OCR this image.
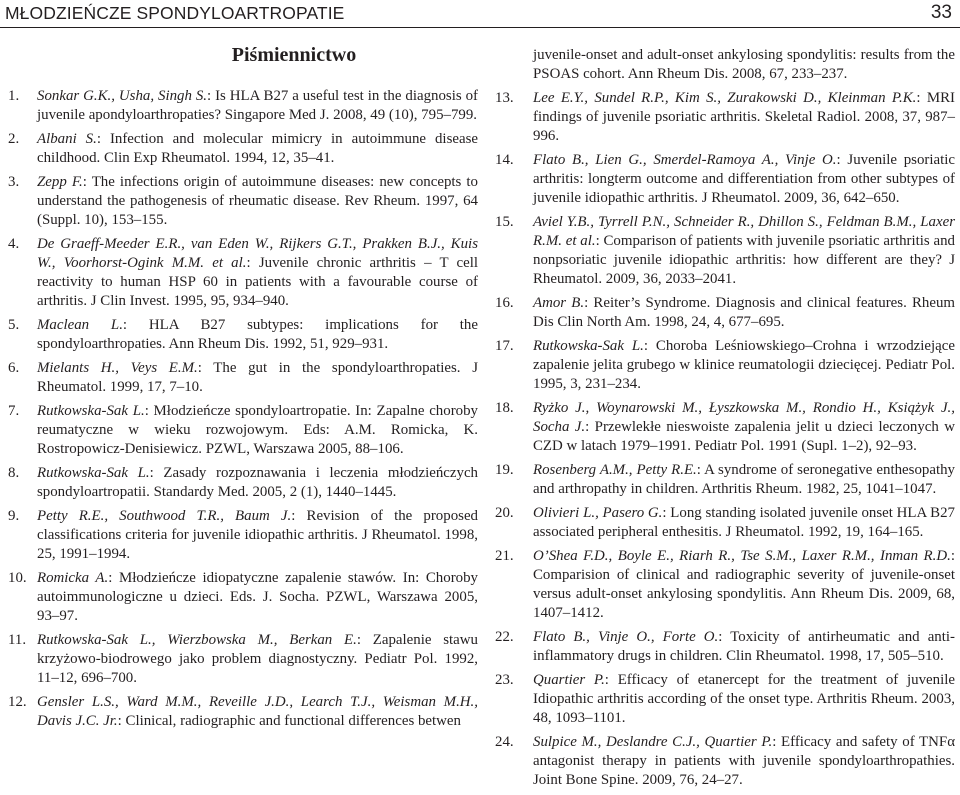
MŁODZIEŃCZE SPONDYLOARTROPATIE	33
Piśmiennictwo
1. Sonkar G.K., Usha, Singh S.: Is HLA B27 a useful test in the diagnosis of juvenile apondyloarthropaties? Singapore Med J. 2008, 49 (10), 795–799.
2. Albani S.: Infection and molecular mimicry in autoimmune disease childhood. Clin Exp Rheumatol. 1994, 12, 35–41.
3. Zepp F.: The infections origin of autoimmune diseases: new concepts to understand the pathogenesis of rheumatic disease. Rev Rheum. 1997, 64 (Suppl. 10), 153–155.
4. De Graeff-Meeder E.R., van Eden W., Rijkers G.T., Prakken B.J., Kuis W., Voorhorst-Ogink M.M. et al.: Juvenile chronic arthritis – T cell reactivity to human HSP 60 in patients with a favourable course of arthritis. J Clin Invest. 1995, 95, 934–940.
5. Maclean L.: HLA B27 subtypes: implications for the spondyloarthropaties. Ann Rheum Dis. 1992, 51, 929–931.
6. Mielants H., Veys E.M.: The gut in the spondyloarthropaties. J Rheumatol. 1999, 17, 7–10.
7. Rutkowska-Sak L.: Młodzieńcze spondyloartropatie. In: Zapalne choroby reumatyczne w wieku rozwojowym. Eds: A.M. Romicka, K. Rostropowicz-Denisiewicz. PZWL, Warszawa 2005, 88–106.
8. Rutkowska-Sak L.: Zasady rozpoznawania i leczenia młodzieńczych spondyloartropatii. Standardy Med. 2005, 2 (1), 1440–1445.
9. Petty R.E., Southwood T.R., Baum J.: Revision of the proposed classifications criteria for juvenile idiopathic arthritis. J Rheumatol. 1998, 25, 1991–1994.
10. Romicka A.: Młodzieńcze idiopatyczne zapalenie stawów. In: Choroby autoimmunologiczne u dzieci. Eds. J. Socha. PZWL, Warszawa 2005, 93–97.
11. Rutkowska-Sak L., Wierzbowska M., Berkan E.: Zapalenie stawu krzyżowo-biodrowego jako problem diagnostyczny. Pediatr Pol. 1992, 11–12, 696–700.
12. Gensler L.S., Ward M.M., Reveille J.D., Learch T.J., Weisman M.H., Davis J.C. Jr.: Clinical, radiographic and functional differences betwen
juvenile-onset and adult-onset ankylosing spondylitis: results from the PSOAS cohort. Ann Rheum Dis. 2008, 67, 233–237.
13. Lee E.Y., Sundel R.P., Kim S., Zurakowski D., Kleinman P.K.: MRI findings of juvenile psoriatic arthritis. Skeletal Radiol. 2008, 37, 987–996.
14. Flato B., Lien G., Smerdel-Ramoya A., Vinje O.: Juvenile psoriatic arthritis: longterm outcome and differentiation from other subtypes of juvenile idiopathic arthritis. J Rheumatol. 2009, 36, 642–650.
15. Aviel Y.B., Tyrrell P.N., Schneider R., Dhillon S., Feldman B.M., Laxer R.M. et al.: Comparison of patients with juvenile psoriatic arthritis and nonpsoriatic juvenile idiopathic arthritis: how different are they? J Rheumatol. 2009, 36, 2033–2041.
16. Amor B.: Reiter’s Syndrome. Diagnosis and clinical features. Rheum Dis Clin North Am. 1998, 24, 4, 677–695.
17. Rutkowska-Sak L.: Choroba Leśniowskiego–Crohna i wrzodziejące zapalenie jelita grubego w klinice reumatologii dziecięcej. Pediatr Pol. 1995, 3, 231–234.
18. Ryżko J., Woynarowski M., Łyszkowska M., Rondio H., Książyk J., Socha J.: Przewlekłe nieswoiste zapalenia jelit u dzieci leczonych w CZD w latach 1979–1991. Pediatr Pol. 1991 (Supl. 1–2), 92–93.
19. Rosenberg A.M., Petty R.E.: A syndrome of seronegative enthesopathy and arthropathy in children. Arthritis Rheum. 1982, 25, 1041–1047.
20. Olivieri L., Pasero G.: Long standing isolated juvenile onset HLA B27 associated peripheral enthesitis. J Rheumatol. 1992, 19, 164–165.
21. O’Shea F.D., Boyle E., Riarh R., Tse S.M., Laxer R.M., Inman R.D.: Comparision of clinical and radiographic severity of juvenile-onset versus adult-onset ankylosing spondylitis. Ann Rheum Dis. 2009, 68, 1407–1412.
22. Flato B., Vinje O., Forte O.: Toxicity of antirheumatic and anti-inflammatory drugs in children. Clin Rheumatol. 1998, 17, 505–510.
23. Quartier P.: Efficacy of etanercept for the treatment of juvenile Idiopathic arthritis according of the onset type. Arthritis Rheum. 2003, 48, 1093–1101.
24. Sulpice M., Deslandre C.J., Quartier P.: Efficacy and safety of TNFα antagonist therapy in patients with juvenile spondyloarthropathies. Joint Bone Spine. 2009, 76, 24–27.
